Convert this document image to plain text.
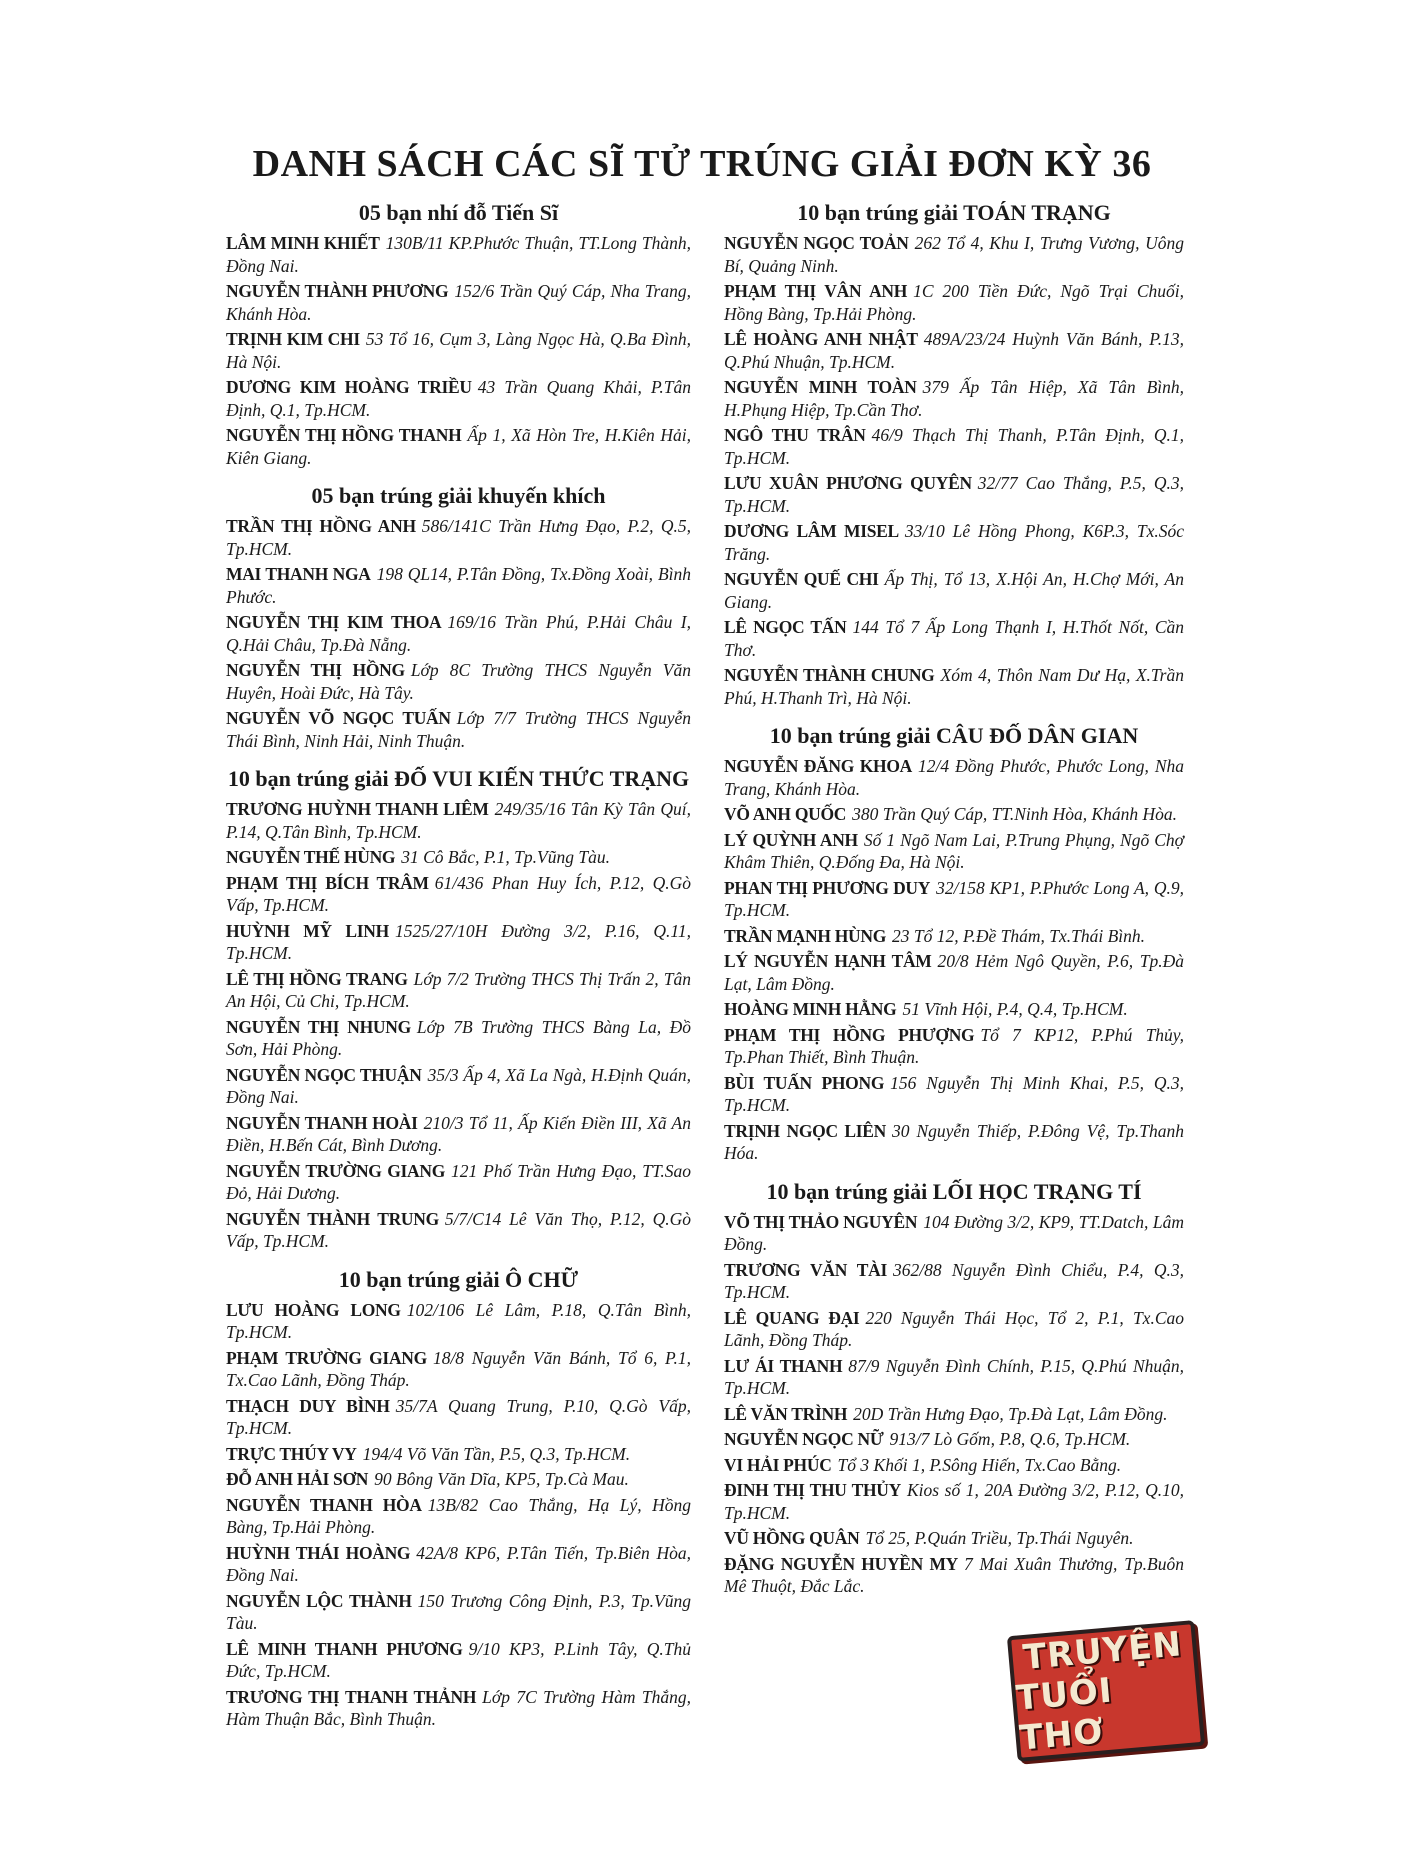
DANH SÁCH CÁC SĨ TỬ TRÚNG GIẢI ĐƠN KỲ 36
05 bạn nhí đỗ Tiến Sĩ
LÂM MINH KHIẾT 130B/11 KP.Phước Thuận, TT.Long Thành, Đồng Nai.
NGUYỄN THÀNH PHƯƠNG 152/6 Trần Quý Cáp, Nha Trang, Khánh Hòa.
TRỊNH KIM CHI 53 Tổ 16, Cụm 3, Làng Ngọc Hà, Q.Ba Đình, Hà Nội.
DƯƠNG KIM HOÀNG TRIỀU 43 Trần Quang Khải, P.Tân Định, Q.1, Tp.HCM.
NGUYỄN THỊ HỒNG THANH Ấp 1, Xã Hòn Tre, H.Kiên Hải, Kiên Giang.
05 bạn trúng giải khuyến khích
TRẦN THỊ HỒNG ANH 586/141C Trần Hưng Đạo, P.2, Q.5, Tp.HCM.
MAI THANH NGA 198 QL14, P.Tân Đồng, Tx.Đồng Xoài, Bình Phước.
NGUYỄN THỊ KIM THOA 169/16 Trần Phú, P.Hải Châu I, Q.Hải Châu, Tp.Đà Nẵng.
NGUYỄN THỊ HỒNG Lớp 8C Trường THCS Nguyễn Văn Huyên, Hoài Đức, Hà Tây.
NGUYỄN VÕ NGỌC TUẤN Lớp 7/7 Trường THCS Nguyễn Thái Bình, Ninh Hải, Ninh Thuận.
10 bạn trúng giải ĐỐ VUI KIẾN THỨC TRẠNG
TRƯƠNG HUỲNH THANH LIÊM 249/35/16 Tân Kỳ Tân Quí, P.14, Q.Tân Bình, Tp.HCM.
NGUYỄN THẾ HÙNG 31 Cô Bắc, P.1, Tp.Vũng Tàu.
PHẠM THỊ BÍCH TRÂM 61/436 Phan Huy Ích, P.12, Q.Gò Vấp, Tp.HCM.
HUỲNH MỸ LINH 1525/27/10H Đường 3/2, P.16, Q.11, Tp.HCM.
LÊ THỊ HỒNG TRANG Lớp 7/2 Trường THCS Thị Trấn 2, Tân An Hội, Củ Chi, Tp.HCM.
NGUYỄN THỊ NHUNG Lớp 7B Trường THCS Bàng La, Đồ Sơn, Hải Phòng.
NGUYỄN NGỌC THUẬN 35/3 Ấp 4, Xã La Ngà, H.Định Quán, Đồng Nai.
NGUYỄN THANH HOÀI 210/3 Tổ 11, Ấp Kiến Điền III, Xã An Điền, H.Bến Cát, Bình Dương.
NGUYỄN TRƯỜNG GIANG 121 Phố Trần Hưng Đạo, TT.Sao Đỏ, Hải Dương.
NGUYỄN THÀNH TRUNG 5/7/C14 Lê Văn Thọ, P.12, Q.Gò Vấp, Tp.HCM.
10 bạn trúng giải Ô CHỮ
LƯU HOÀNG LONG 102/106 Lê Lâm, P.18, Q.Tân Bình, Tp.HCM.
PHẠM TRƯỜNG GIANG 18/8 Nguyễn Văn Bánh, Tổ 6, P.1, Tx.Cao Lãnh, Đồng Tháp.
THẠCH DUY BÌNH 35/7A Quang Trung, P.10, Q.Gò Vấp, Tp.HCM.
TRỰC THÚY VY 194/4 Võ Văn Tần, P.5, Q.3, Tp.HCM.
ĐỖ ANH HẢI SƠN 90 Bông Văn Dĩa, KP5, Tp.Cà Mau.
NGUYỄN THANH HÒA 13B/82 Cao Thắng, Hạ Lý, Hồng Bàng, Tp.Hải Phòng.
HUỲNH THÁI HOÀNG 42A/8 KP6, P.Tân Tiến, Tp.Biên Hòa, Đồng Nai.
NGUYỄN LỘC THÀNH 150 Trương Công Định, P.3, Tp.Vũng Tàu.
LÊ MINH THANH PHƯƠNG 9/10 KP3, P.Linh Tây, Q.Thủ Đức, Tp.HCM.
TRƯƠNG THỊ THANH THẢNH Lớp 7C Trường Hàm Thắng, Hàm Thuận Bắc, Bình Thuận.
10 bạn trúng giải TOÁN TRẠNG
NGUYỄN NGỌC TOẢN 262 Tổ 4, Khu I, Trưng Vương, Uông Bí, Quảng Ninh.
PHẠM THỊ VÂN ANH 1C 200 Tiền Đức, Ngõ Trại Chuối, Hồng Bàng, Tp.Hải Phòng.
LÊ HOÀNG ANH NHẬT 489A/23/24 Huỳnh Văn Bánh, P.13, Q.Phú Nhuận, Tp.HCM.
NGUYỄN MINH TOÀN 379 Ấp Tân Hiệp, Xã Tân Bình, H.Phụng Hiệp, Tp.Cần Thơ.
NGÔ THU TRÂN 46/9 Thạch Thị Thanh, P.Tân Định, Q.1, Tp.HCM.
LƯU XUÂN PHƯƠNG QUYÊN 32/77 Cao Thắng, P.5, Q.3, Tp.HCM.
DƯƠNG LÂM MISEL 33/10 Lê Hồng Phong, K6P.3, Tx.Sóc Trăng.
NGUYỄN QUẾ CHI Ấp Thị, Tổ 13, X.Hội An, H.Chợ Mới, An Giang.
LÊ NGỌC TẤN 144 Tổ 7 Ấp Long Thạnh I, H.Thốt Nốt, Cần Thơ.
NGUYỄN THÀNH CHUNG Xóm 4, Thôn Nam Dư Hạ, X.Trần Phú, H.Thanh Trì, Hà Nội.
10 bạn trúng giải CÂU ĐỐ DÂN GIAN
NGUYỄN ĐĂNG KHOA 12/4 Đồng Phước, Phước Long, Nha Trang, Khánh Hòa.
VÕ ANH QUỐC 380 Trần Quý Cáp, TT.Ninh Hòa, Khánh Hòa.
LÝ QUỲNH ANH Số 1 Ngõ Nam Lai, P.Trung Phụng, Ngõ Chợ Khâm Thiên, Q.Đống Đa, Hà Nội.
PHAN THỊ PHƯƠNG DUY 32/158 KP1, P.Phước Long A, Q.9, Tp.HCM.
TRẦN MẠNH HÙNG 23 Tổ 12, P.Đề Thám, Tx.Thái Bình.
LÝ NGUYỄN HẠNH TÂM 20/8 Hẻm Ngô Quyền, P.6, Tp.Đà Lạt, Lâm Đồng.
HOÀNG MINH HẰNG 51 Vĩnh Hội, P.4, Q.4, Tp.HCM.
PHẠM THỊ HỒNG PHƯỢNG Tổ 7 KP12, P.Phú Thủy, Tp.Phan Thiết, Bình Thuận.
BÙI TUẤN PHONG 156 Nguyễn Thị Minh Khai, P.5, Q.3, Tp.HCM.
TRỊNH NGỌC LIÊN 30 Nguyễn Thiếp, P.Đông Vệ, Tp.Thanh Hóa.
10 bạn trúng giải LỐI HỌC TRẠNG TÍ
VÕ THỊ THẢO NGUYÊN 104 Đường 3/2, KP9, TT.Datch, Lâm Đồng.
TRƯƠNG VĂN TÀI 362/88 Nguyễn Đình Chiểu, P.4, Q.3, Tp.HCM.
LÊ QUANG ĐẠI 220 Nguyễn Thái Học, Tổ 2, P.1, Tx.Cao Lãnh, Đồng Tháp.
LƯ ÁI THANH 87/9 Nguyễn Đình Chính, P.15, Q.Phú Nhuận, Tp.HCM.
LÊ VĂN TRÌNH 20D Trần Hưng Đạo, Tp.Đà Lạt, Lâm Đồng.
NGUYỄN NGỌC NỮ 913/7 Lò Gốm, P.8, Q.6, Tp.HCM.
VI HẢI PHÚC Tổ 3 Khối 1, P.Sông Hiến, Tx.Cao Bằng.
ĐINH THỊ THU THỦY Kios số 1, 20A Đường 3/2, P.12, Q.10, Tp.HCM.
VŨ HỒNG QUÂN Tổ 25, P.Quán Triều, Tp.Thái Nguyên.
ĐẶNG NGUYỄN HUYỀN MY 7 Mai Xuân Thưởng, Tp.Buôn Mê Thuột, Đắc Lắc.
TRUYỆN
TUỔI THƠ
